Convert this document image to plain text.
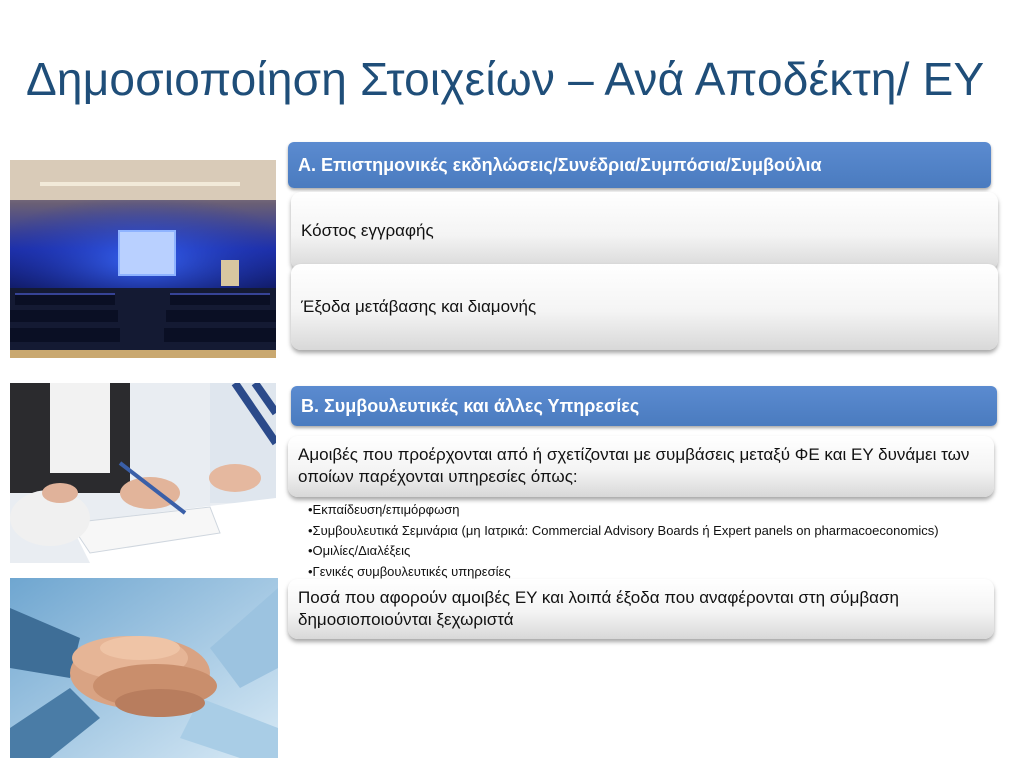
Δημοσιοποίηση Στοιχείων – Ανά Αποδέκτη/ ΕΥ
Α. Επιστημονικές εκδηλώσεις/Συνέδρια/Συμπόσια/Συμβούλια
Κόστος εγγραφής
Έξοδα μετάβασης και διαμονής
Β. Συμβουλευτικές και άλλες Υπηρεσίες
Αμοιβές που προέρχονται από ή σχετίζονται με συμβάσεις μεταξύ ΦΕ και ΕΥ δυνάμει των οποίων παρέχονται υπηρεσίες όπως:
•Εκπαίδευση/επιμόρφωση
•Συμβουλευτικά Σεμινάρια (μη Ιατρικά: Commercial Advisory Boards ή Expert panels on pharmacoeconomics)
•Ομιλίες/Διαλέξεις
•Γενικές συμβουλευτικές υπηρεσίες
Ποσά που αφορούν αμοιβές ΕΥ και λοιπά έξοδα που αναφέρονται στη σύμβαση δημοσιοποιούνται ξεχωριστά
